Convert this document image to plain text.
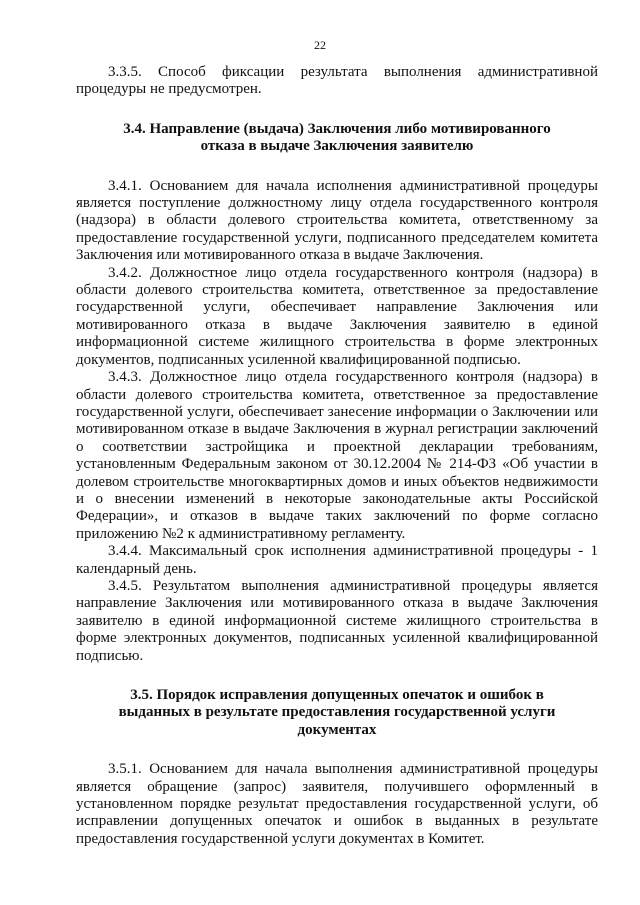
22

3.3.5. Способ фиксации результата выполнения административной процедуры не предусмотрен.

3.4. Направление (выдача) Заключения либо мотивированного отказа в выдаче Заключения заявителю

3.4.1. Основанием для начала исполнения административной процедуры является поступление должностному лицу отдела государственного контроля (надзора) в области долевого строительства комитета, ответственному за предоставление государственной услуги, подписанного председателем комитета Заключения или мотивированного отказа в выдаче Заключения.

3.4.2. Должностное лицо отдела государственного контроля (надзора) в области долевого строительства комитета, ответственное за предоставление государственной услуги, обеспечивает направление Заключения или мотивированного отказа в выдаче Заключения заявителю в единой информационной системе жилищного строительства в форме электронных документов, подписанных усиленной квалифицированной подписью.

3.4.3. Должностное лицо отдела государственного контроля (надзора) в области долевого строительства комитета, ответственное за предоставление государственной услуги, обеспечивает занесение информации о Заключении или мотивированном отказе в выдаче Заключения в журнал регистрации заключений о соответствии застройщика и проектной декларации требованиям, установленным Федеральным законом от 30.12.2004 № 214-ФЗ «Об участии в долевом строительстве многоквартирных домов и иных объектов недвижимости и о внесении изменений в некоторые законодательные акты Российской Федерации», и отказов в выдаче таких заключений по форме согласно приложению №2 к административному регламенту.

3.4.4. Максимальный срок исполнения административной процедуры - 1 календарный день.

3.4.5. Результатом выполнения административной процедуры является направление Заключения или мотивированного отказа в выдаче Заключения заявителю в единой информационной системе жилищного строительства в форме электронных документов, подписанных усиленной квалифицированной подписью.

3.5. Порядок исправления допущенных опечаток и ошибок в выданных в результате предоставления государственной услуги документах

3.5.1. Основанием для начала выполнения административной процедуры является обращение (запрос) заявителя, получившего оформленный в установленном порядке результат предоставления государственной услуги, об исправлении допущенных опечаток и ошибок в выданных в результате предоставления государственной услуги документах в Комитет.
